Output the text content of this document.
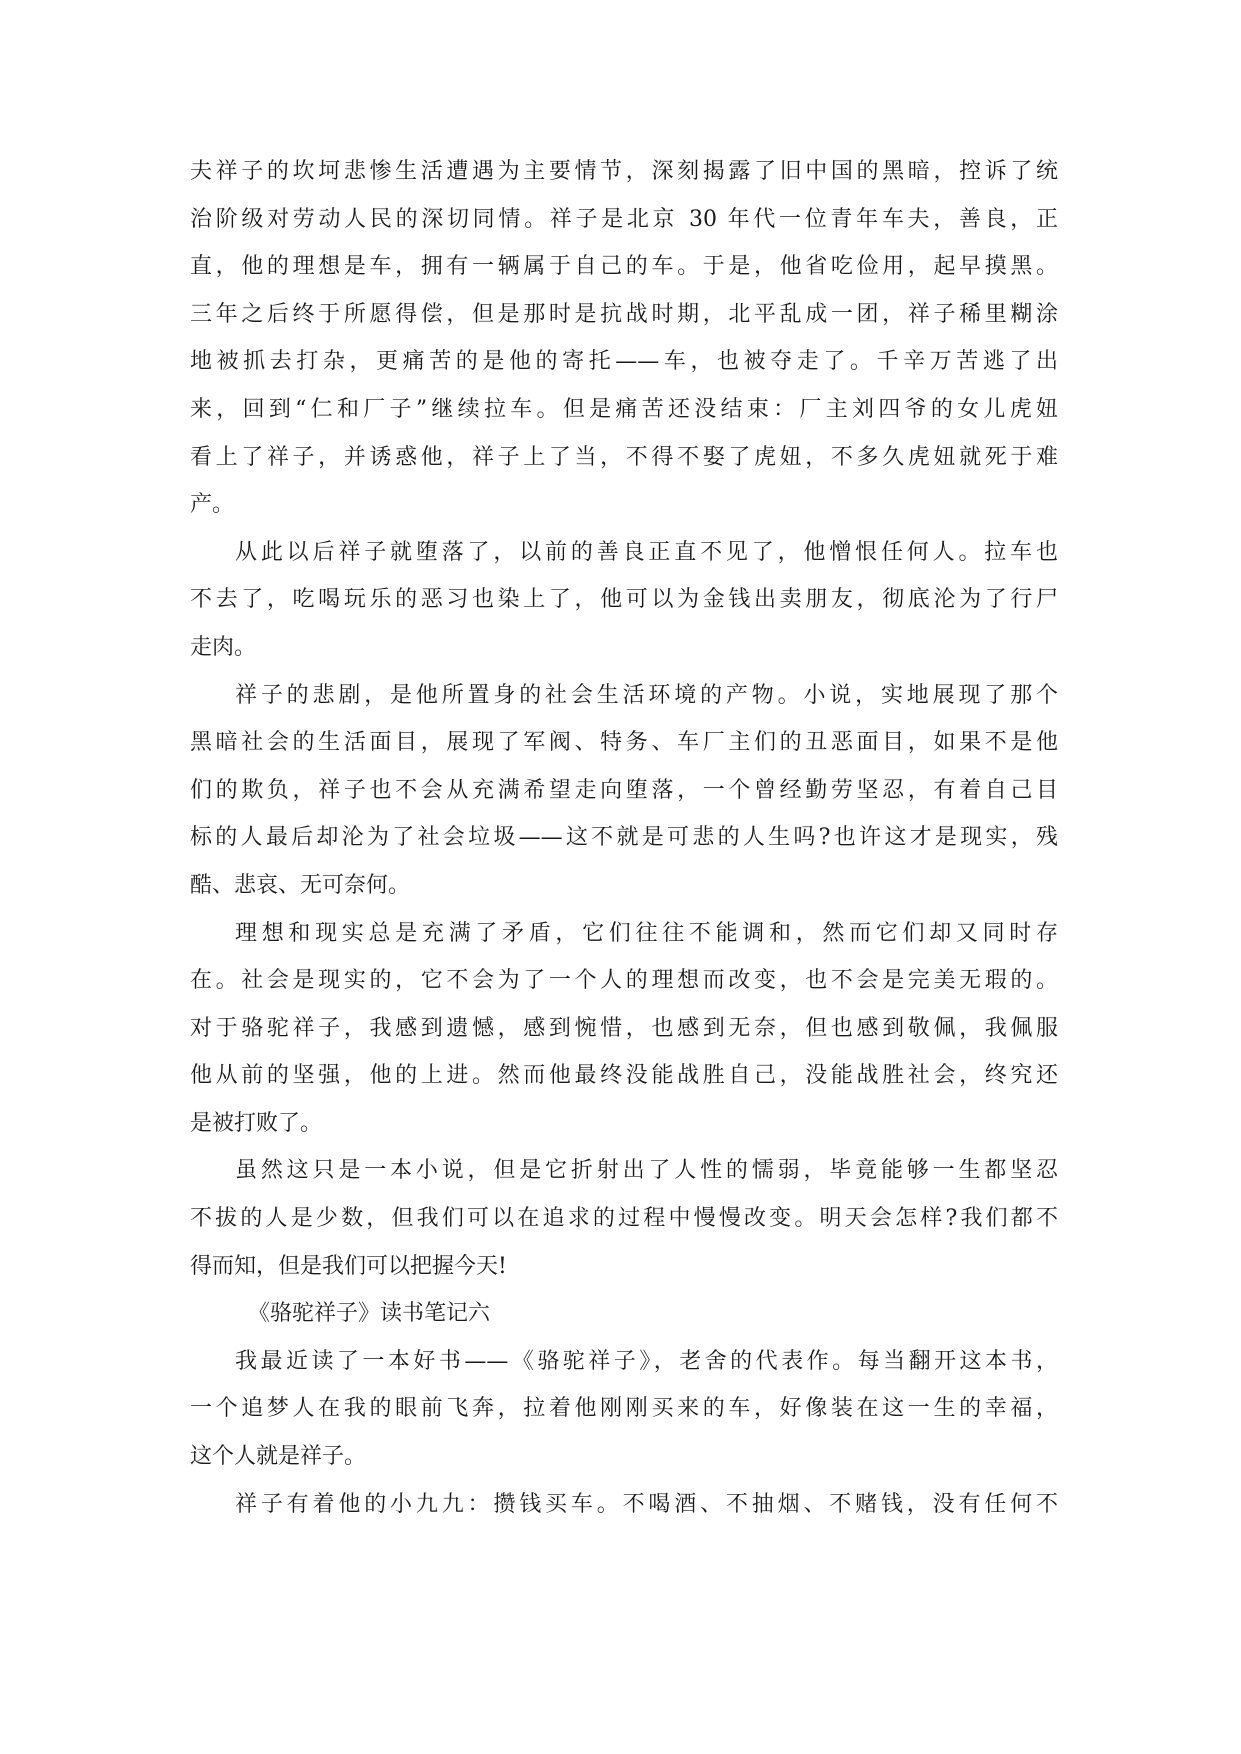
夫祥子的坎坷悲惨生活遭遇为主要情节，深刻揭露了旧中国的黑暗，控诉了统
治阶级对劳动人民的深切同情。祥子是北京 30 年代一位青年车夫，善良，正
直，他的理想是车，拥有一辆属于自己的车。于是，他省吃俭用，起早摸黑。
三年之后终于所愿得偿，但是那时是抗战时期，北平乱成一团，祥子稀里糊涂
地被抓去打杂，更痛苦的是他的寄托——车，也被夺走了。千辛万苦逃了出
来，回到“仁和厂子”继续拉车。但是痛苦还没结束：厂主刘四爷的女儿虎妞
看上了祥子，并诱惑他，祥子上了当，不得不娶了虎妞，不多久虎妞就死于难
产。
从此以后祥子就堕落了，以前的善良正直不见了，他憎恨任何人。拉车也
不去了，吃喝玩乐的恶习也染上了，他可以为金钱出卖朋友，彻底沦为了行尸
走肉。
祥子的悲剧，是他所置身的社会生活环境的产物。小说，实地展现了那个
黑暗社会的生活面目，展现了军阀、特务、车厂主们的丑恶面目，如果不是他
们的欺负，祥子也不会从充满希望走向堕落，一个曾经勤劳坚忍，有着自己目
标的人最后却沦为了社会垃圾——这不就是可悲的人生吗?也许这才是现实，残
酷、悲哀、无可奈何。
理想和现实总是充满了矛盾，它们往往不能调和，然而它们却又同时存
在。社会是现实的，它不会为了一个人的理想而改变，也不会是完美无瑕的。
对于骆驼祥子，我感到遗憾，感到惋惜，也感到无奈，但也感到敬佩，我佩服
他从前的坚强，他的上进。然而他最终没能战胜自己，没能战胜社会，终究还
是被打败了。
虽然这只是一本小说，但是它折射出了人性的懦弱，毕竟能够一生都坚忍
不拔的人是少数，但我们可以在追求的过程中慢慢改变。明天会怎样?我们都不
得而知，但是我们可以把握今天!
《骆驼祥子》读书笔记六
我最近读了一本好书——《骆驼祥子》，老舍的代表作。每当翻开这本书，
一个追梦人在我的眼前飞奔，拉着他刚刚买来的车，好像装在这一生的幸福，
这个人就是祥子。
祥子有着他的小九九：攒钱买车。不喝酒、不抽烟、不赌钱，没有任何不
